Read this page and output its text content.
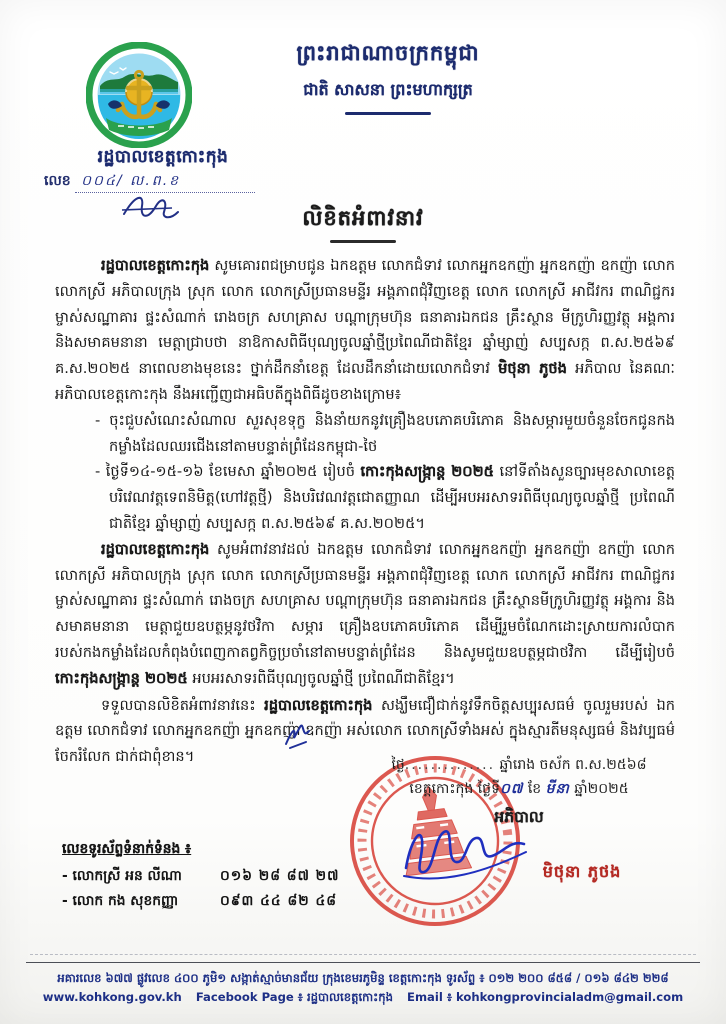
រដ្ឋបាលខេត្តកោះកុង
លេខ ០០៤/ ល.ព.ខ
ព្រះរាជាណាចក្រកម្ពុជា
ជាតិ សាសនា ព្រះមហាក្សត្រ
លិខិតអំពាវនាវ
រដ្ឋបាលខេត្តកោះកុង សូមគោរពជម្រាបជូន ឯកឧត្តម លោកជំទាវ លោកអ្នកឧកញ៉ា អ្នកឧកញ៉ា ឧកញ៉ា លោក លោកស្រី អភិបាលក្រុង ស្រុក លោក លោកស្រីប្រធានមន្ទីរ អង្គភាពជុំវិញខេត្ត លោក លោកស្រី អាជីវករ ពាណិជ្ជករ ម្ចាស់សណ្ឋាគារ ផ្ទះសំណាក់ រោងចក្រ សហគ្រាស បណ្តាក្រុមហ៊ុន ធនាគារឯកជន គ្រឹះស្ថាន មីក្រូហិរញ្ញវត្ថុ អង្គការ និងសមាគមនានា មេត្តាជ្រាបថា នាឱកាសពិធីបុណ្យចូលឆ្នាំថ្មីប្រពៃណីជាតិខ្មែរ ឆ្នាំម្សាញ់ សប្បសក្ក ព.ស.២៥៦៩ គ.ស.២០២៥ នាពេលខាងមុខនេះ ថ្នាក់ដឹកនាំខេត្ត ដែលដឹកនាំដោយលោកជំទាវ មិថុនា ភូថង អភិបាល នៃគណៈអភិបាលខេត្តកោះកុង នឹងអញ្ជើញជាអធិបតីក្នុងពិធីដូចខាងក្រោម៖
- ចុះជួបសំណេះសំណាល សួរសុខទុក្ខ និងនាំយកនូវគ្រឿងឧបភោគបរិភោគ និងសម្ភារមួយចំនួនចែកជូនកងកម្លាំងដែលឈរជើងនៅតាមបន្ទាត់ព្រំដែនកម្ពុជា-ថៃ
- ថ្ងៃទី១៤-១៥-១៦ ខែមេសា ឆ្នាំ២០២៥ រៀបចំ កោះកុងសង្រ្កាន្ត ២០២៥ នៅទីតាំងសួនច្បារមុខសាលាខេត្ត បរិវេណវត្តទេពនិមិត្ត(ហៅវត្តថ្មី) និងបរិវេណវត្តជោតញ្ញាណ ដើម្បីអបអរសាទរពិធីបុណ្យចូលឆ្នាំថ្មី ប្រពៃណីជាតិខ្មែរ ឆ្នាំម្សាញ់ សប្បសក្ក ព.ស.២៥៦៩ គ.ស.២០២៥។
រដ្ឋបាលខេត្តកោះកុង សូមអំពាវនាវដល់ ឯកឧត្តម លោកជំទាវ លោកអ្នកឧកញ៉ា អ្នកឧកញ៉ា ឧកញ៉ា លោក លោកស្រី អភិបាលក្រុង ស្រុក លោក លោកស្រីប្រធានមន្ទីរ អង្គភាពជុំវិញខេត្ត លោក លោកស្រី អាជីវករ ពាណិជ្ជករ ម្ចាស់សណ្ឋាគារ ផ្ទះសំណាក់ រោងចក្រ សហគ្រាស បណ្តាក្រុមហ៊ុន ធនាគារឯកជន គ្រឹះស្ថានមីក្រូហិរញ្ញវត្ថុ អង្គការ និងសមាគមនានា មេត្តាជួយឧបត្ថម្ភនូវថវិកា សម្ភារ គ្រឿងឧបភោគបរិភោគ ដើម្បីរួមចំណែកដោះស្រាយការលំបាករបស់កងកម្លាំងដែលកំពុងបំពេញកាតព្វកិច្ចប្រចាំនៅតាមបន្ទាត់ព្រំដែន និងសូមជួយឧបត្ថម្ភជាថវិកា ដើម្បីរៀបចំ កោះកុងសង្រ្កាន្ត ២០២៥ អបអរសាទរពិធីបុណ្យចូលឆ្នាំថ្មី ប្រពៃណីជាតិខ្មែរ។
ទទួលបានលិខិតអំពាវនាវនេះ រដ្ឋបាលខេត្តកោះកុង សង្ឃឹមជឿជាក់នូវទឹកចិត្តសប្បុរសធម៌ ចូលរួមរបស់ ឯកឧត្តម លោកជំទាវ លោកអ្នកឧកញ៉ា អ្នកឧកញ៉ា ឧកញ៉ា អស់លោក លោកស្រីទាំងអស់ ក្នុងស្មារតីមនុស្សធម៌ និងវប្បធម៌ចែករំលែក ជាក់ជាពុំខាន។	ថ្ងៃ.............. ឆ្នាំរោង ចស័ក ព.ស.២៥៦៨
ខេត្តកោះកុង ថ្ងៃទី០៧ ខែ មីនា ឆ្នាំ២០២៥
អភិបាល
មិថុនា ភូថង
លេខទូរស័ព្ទទំនាក់ទំនង ៖
- លោកស្រី អន លីណា	០១៦ ២៨ ៨៧ ២៧
- លោក កង សុខកញ្ញា	០៩៣ ៤៤ ៨២ ៤៨
អគារលេខ ៦៧៧ ផ្លូវលេខ ៤០០ ភូមិ១ សង្កាត់ស្មាច់មានជ័យ ក្រុងខេមរភូមិន្ទ ខេត្តកោះកុង ទូរស័ព្ទ ៖ ០១២ ២០០ ៨៥៨ / ០១៦ ៨៤២ ២២៨
www.kohkong.gov.kh Facebook Page ៖ រដ្ឋបាលខេត្តកោះកុង Email ៖ kohkongprovincialadm@gmail.com
